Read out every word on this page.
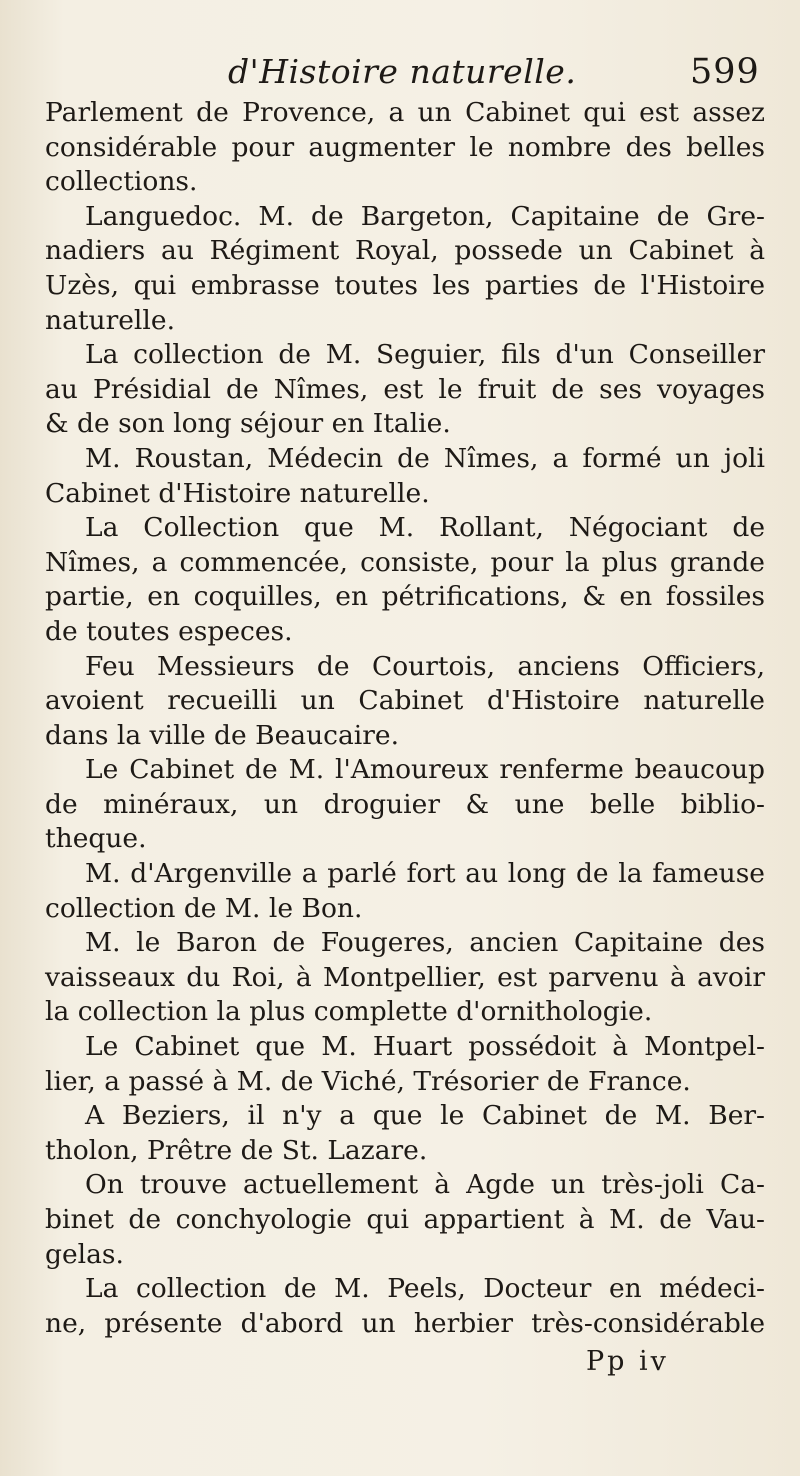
d'Histoire naturelle.	599
Parlement de Provence, a un Cabinet qui est assez
considérable pour augmenter le nombre des belles
collections.
Languedoc. M. de Bargeton, Capitaine de Gre-
nadiers au Régiment Royal, possede un Cabinet à
Uzès, qui embrasse toutes les parties de l'Histoire
naturelle.
La collection de M. Seguier, fils d'un Conseiller
au Présidial de Nîmes, est le fruit de ses voyages
& de son long séjour en Italie.
M. Roustan, Médecin de Nîmes, a formé un joli
Cabinet d'Histoire naturelle.
La Collection que M. Rollant, Négociant de
Nîmes, a commencée, consiste, pour la plus grande
partie, en coquilles, en pétrifications, & en fossiles
de toutes especes.
Feu Messieurs de Courtois, anciens Officiers,
avoient recueilli un Cabinet d'Histoire naturelle
dans la ville de Beaucaire.
Le Cabinet de M. l'Amoureux renferme beaucoup
de minéraux, un droguier & une belle biblio-
theque.
M. d'Argenville a parlé fort au long de la fameuse
collection de M. le Bon.
M. le Baron de Fougeres, ancien Capitaine des
vaisseaux du Roi, à Montpellier, est parvenu à avoir
la collection la plus complette d'ornithologie.
Le Cabinet que M. Huart possédoit à Montpel-
lier, a passé à M. de Viché, Trésorier de France.
A Beziers, il n'y a que le Cabinet de M. Ber-
tholon, Prêtre de St. Lazare.
On trouve actuellement à Agde un très-joli Ca-
binet de conchyologie qui appartient à M. de Vau-
gelas.
La collection de M. Peels, Docteur en médeci-
ne, présente d'abord un herbier très-considérable
Pp iv
